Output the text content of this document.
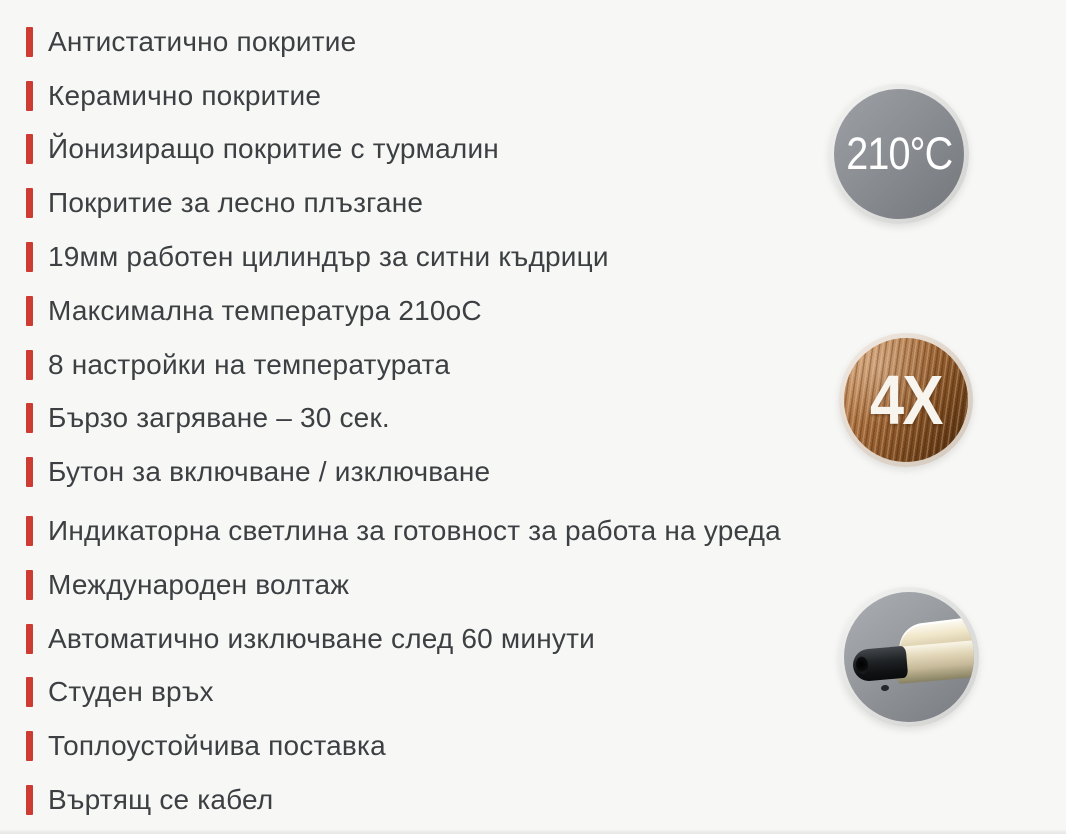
Антистатично покритие
Керамично покритие
Йонизиращо покритие с турмалин
Покритие за лесно плъзгане
19мм работен цилиндър за ситни къдрици
Максимална температура 210оС
8 настройки на температурата
Бързо загряване – 30 сек.
Бутон за включване / изключване
Индикаторна светлина за готовност за работа на уреда
Международен волтаж
Автоматично изключване след 60 минути
Студен връх
Топлоустойчива поставка
Въртящ се кабел
210°C
4X
